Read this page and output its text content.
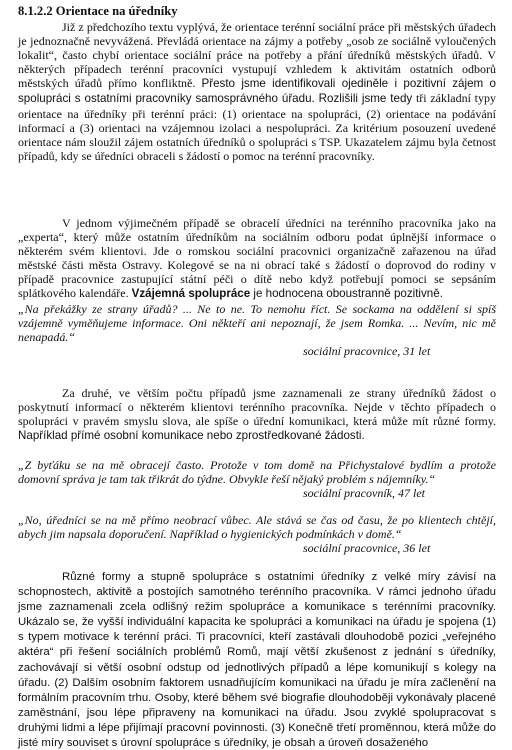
8.1.2.2 Orientace na úředníky

Již z předchozího textu vyplývá, že orientace terénní sociální práce při městských úřadech je jednoznačně nevyvážená. Převládá orientace na zájmy a potřeby „osob ze sociálně vyloučených lokalit“, často chybí orientace sociální práce na potřeby a přání úředníků městských úřadů. V některých případech terénní pracovníci vystupují vzhledem k aktivitám ostatních odborů městských úřadů přímo konfliktně. Přesto jsme identifikovali ojediněle i pozitivní zájem o spolupráci s ostatními pracovníky samosprávného úřadu. Rozlišili jsme tedy tři základní typy orientace na úředníky při terénní práci: (1) orientace na spolupráci, (2) orientace na podávání informací a (3) orientaci na vzájemnou izolaci a nespolupráci. Za kritérium posouzení uvedené orientace nám sloužil zájem ostatních úředníků o spolupráci s TSP. Ukazatelem zájmu byla četnost případů, kdy se úředníci obraceli s žádostí o pomoc na terénní pracovníky.

V jednom výjimečném případě se obracelí úředníci na terénního pracovníka jako na „experta“, který může ostatním úředníkům na sociálním odboru podat úplnější informace o některém svém klientovi. Jde o romskou sociální pracovnici organizačně zařazenou na úřad městské části města Ostravy. Kolegové se na ni obrací také s žádostí o doprovod do rodiny v případě pracovnice zastupující státní péči o dítě nebo když potřebují pomoci se sepsáním splátkového kalendáře. Vzájemná spolupráce je hodnocena oboustranně pozitivně.

„Na překážky ze strany úřadů? ... Ne to ne. To nemohu říct. Se sockama na oddělení si spíš vzájemně vyměňujeme informace. Oni někteří ani nepoznají, že jsem Romka. ... Nevím, nic mě nenapadá.“

sociální pracovnice, 31 let

Za druhé, ve větším počtu případů jsme zaznamenali ze strany úředníků žádost o poskytnutí informací o některém klientovi terénního pracovníka. Nejde v těchto případech o spolupráci v pravém smyslu slova, ale spíše o úřední komunikaci, která může mít různé formy. Například přímé osobní komunikace nebo zprostředkované žádosti.

„Z byťáku se na mě obracejí často. Protože v tom domě na Přichystalové bydlím a protože domovní správa je tam tak třikrát do týdne. Obvykle řeší nějaký problém s nájemníky.“

sociální pracovník, 47 let

„No, úředníci se na mě přímo neobrací vůbec. Ale stává se čas od času, že po klientech chtějí, abych jim napsala doporučení. Například o hygienických podmínkách v domě.“

sociální pracovnice, 36 let

Různé formy a stupně spolupráce s ostatními úředníky z velké míry závisí na schopnostech, aktivitě a postojích samotného terénního pracovníka. V rámci jednoho úřadu jsme zaznamenali zcela odlišný režim spolupráce a komunikace s terénními pracovníky. Ukázalo se, že vyšší individuální kapacita ke spolupráci a komunikaci na úřadu je spojena (1) s typem motivace k terénní práci. Ti pracovníci, kteří zastávali dlouhodobě pozici „veřejného aktéra“ při řešení sociálních problémů Romů, mají větší zkušenost z jednání s úředníky, zachovávají si větší osobní odstup od jednotlivých případů a lépe komunikují s kolegy na úřadu. (2) Dalším osobním faktorem usnadňujícím komunikaci na úřadu je míra začlenění na formálním pracovním trhu. Osoby, které během své biografie dlouhodoběji vykonávaly placené zaměstnání, jsou lépe připraveny na komunikaci na úřadu. Jsou zvyklé spolupracovat s druhými lidmi a lépe přijímají pracovní povinnosti. (3) Konečně třetí proměnnou, která může do jisté míry souviset s úrovní spolupráce s úředníky, je obsah a úroveň dosaženého
